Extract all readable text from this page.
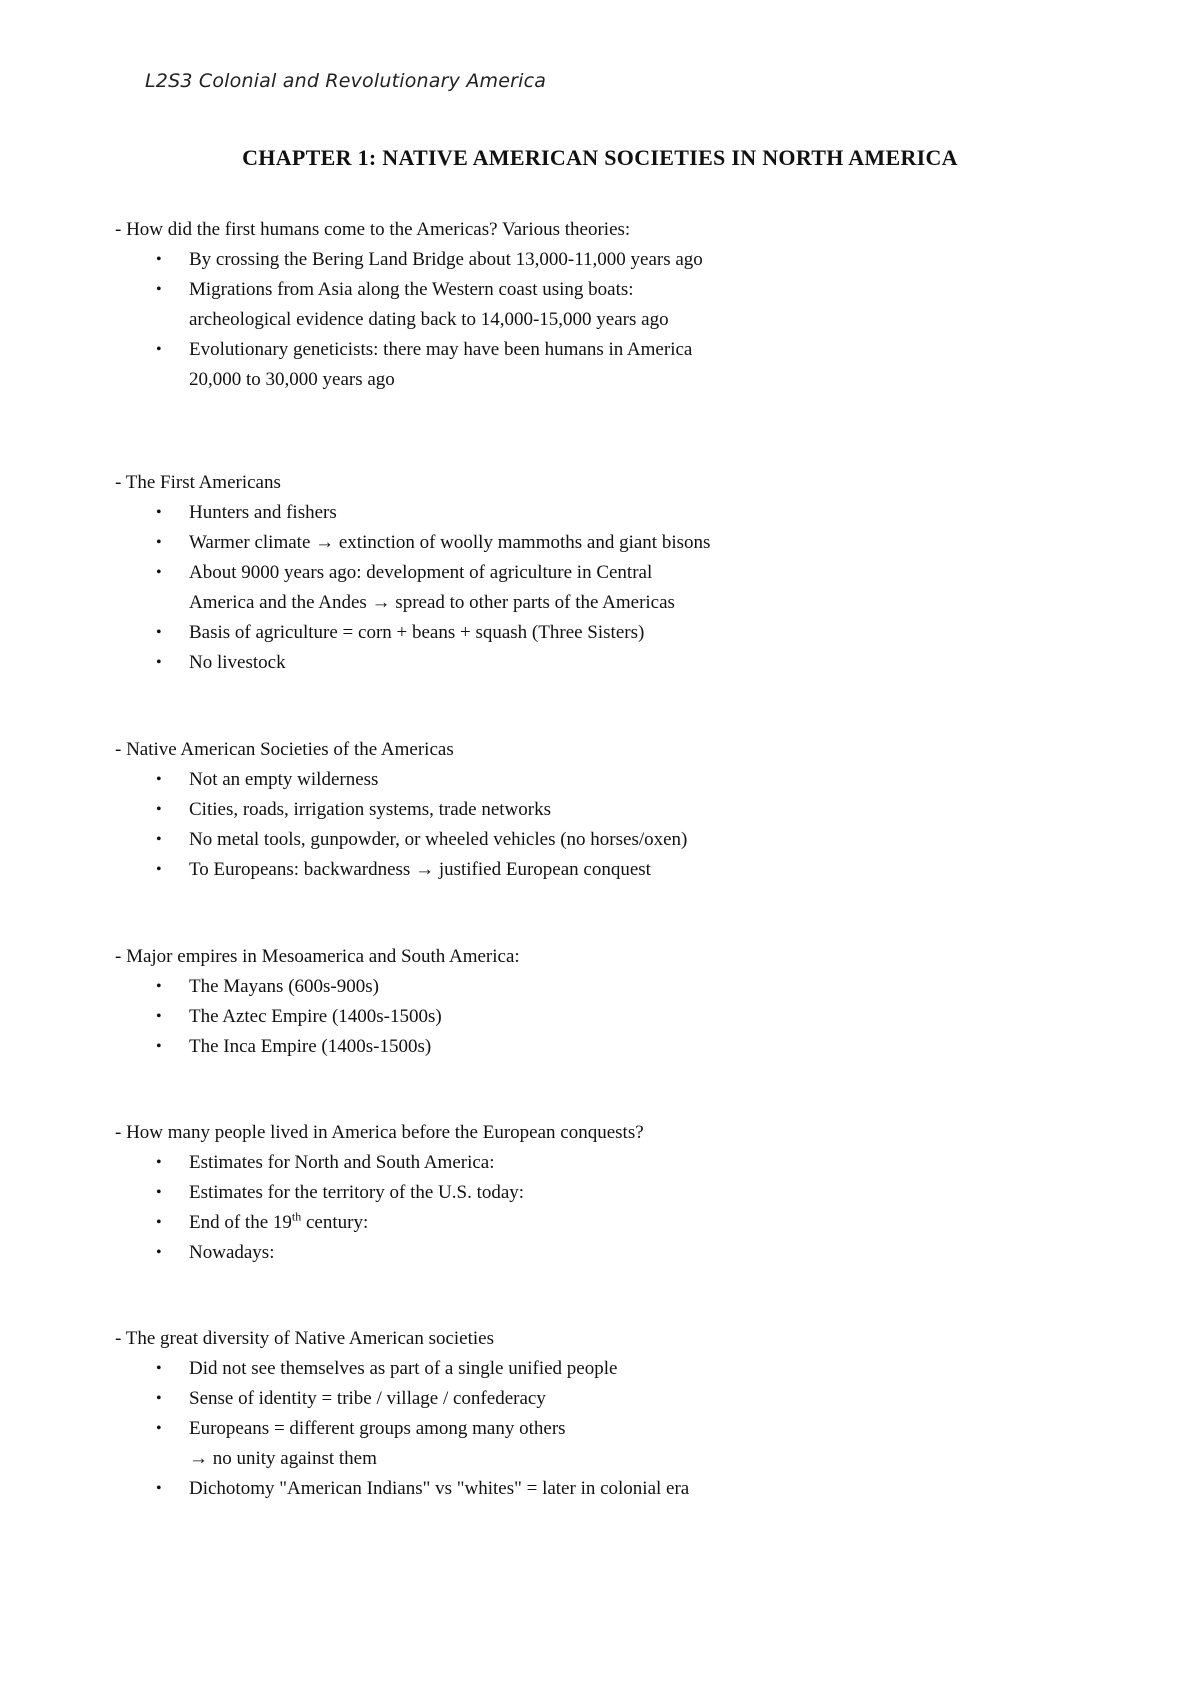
L2S3 Colonial and Revolutionary America
CHAPTER 1: NATIVE AMERICAN SOCIETIES IN NORTH AMERICA
- How did the first humans come to the Americas? Various theories:
• By crossing the Bering Land Bridge about 13,000-11,000 years ago
• Migrations from Asia along the Western coast using boats:
archeological evidence dating back to 14,000-15,000 years ago
• Evolutionary geneticists: there may have been humans in America
20,000 to 30,000 years ago
- The First Americans
• Hunters and fishers
• Warmer climate → extinction of woolly mammoths and giant bisons
• About 9000 years ago: development of agriculture in Central
America and the Andes → spread to other parts of the Americas
• Basis of agriculture = corn + beans + squash (Three Sisters)
• No livestock
- Native American Societies of the Americas
• Not an empty wilderness
• Cities, roads, irrigation systems, trade networks
• No metal tools, gunpowder, or wheeled vehicles (no horses/oxen)
• To Europeans: backwardness → justified European conquest
- Major empires in Mesoamerica and South America:
• The Mayans (600s-900s)
• The Aztec Empire (1400s-1500s)
• The Inca Empire (1400s-1500s)
- How many people lived in America before the European conquests?
• Estimates for North and South America:
• Estimates for the territory of the U.S. today:
• End of the 19th century:
• Nowadays:
- The great diversity of Native American societies
• Did not see themselves as part of a single unified people
• Sense of identity = tribe / village / confederacy
• Europeans = different groups among many others
→ no unity against them
• Dichotomy "American Indians" vs "whites" = later in colonial era
